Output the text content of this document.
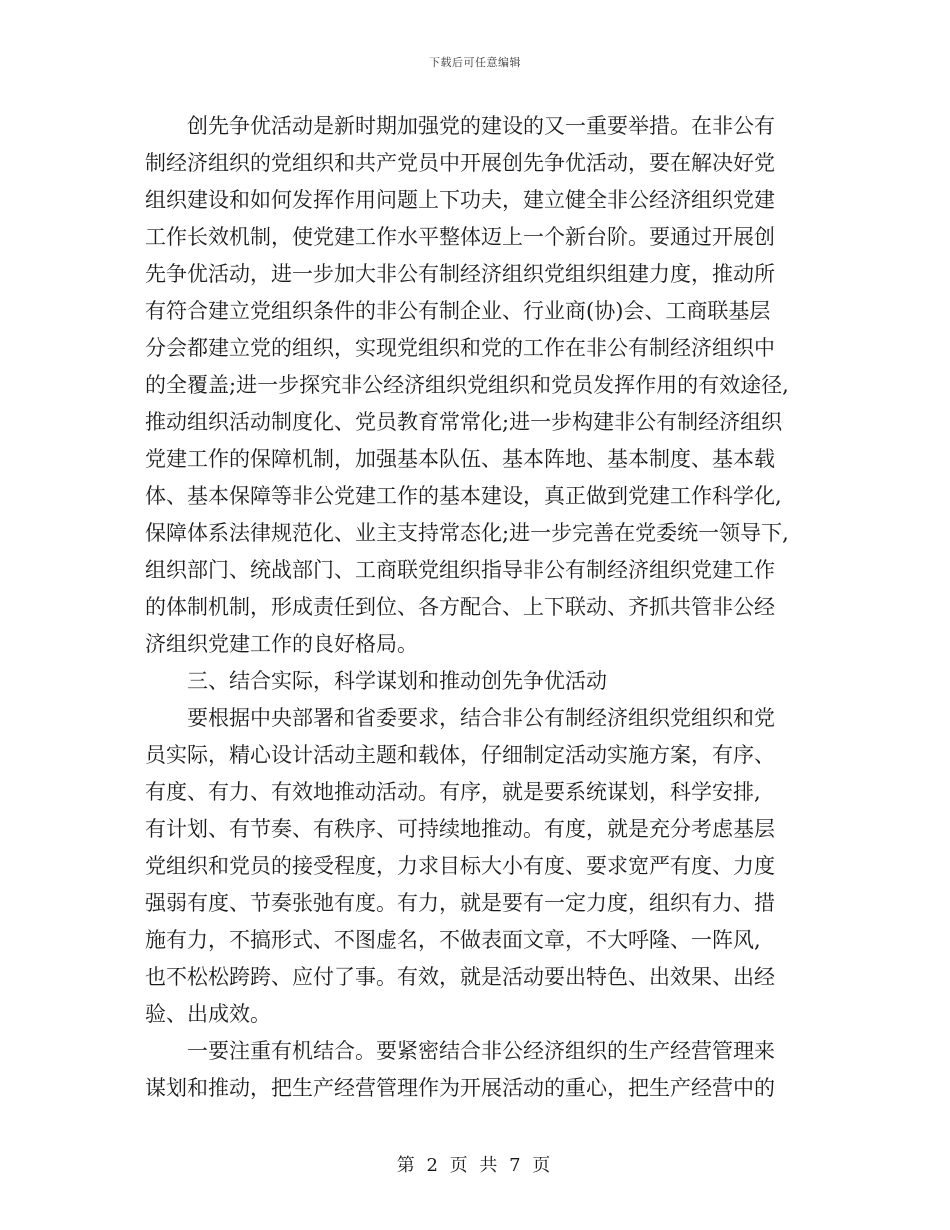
下载后可任意编辑
创先争优活动是新时期加强党的建设的又一重要举措。在非公有
制经济组织的党组织和共产党员中开展创先争优活动，要在解决好党
组织建设和如何发挥作用问题上下功夫，建立健全非公经济组织党建
工作长效机制，使党建工作水平整体迈上一个新台阶。要通过开展创
先争优活动，进一步加大非公有制经济组织党组织组建力度，推动所
有符合建立党组织条件的非公有制企业、行业商(协)会、工商联基层
分会都建立党的组织，实现党组织和党的工作在非公有制经济组织中
的全覆盖;进一步探究非公经济组织党组织和党员发挥作用的有效途径,
推动组织活动制度化、党员教育常常化;进一步构建非公有制经济组织
党建工作的保障机制，加强基本队伍、基本阵地、基本制度、基本载
体、基本保障等非公党建工作的基本建设，真正做到党建工作科学化,
保障体系法律规范化、业主支持常态化;进一步完善在党委统一领导下,
组织部门、统战部门、工商联党组织指导非公有制经济组织党建工作
的体制机制，形成责任到位、各方配合、上下联动、齐抓共管非公经
济组织党建工作的良好格局。
三、结合实际，科学谋划和推动创先争优活动
要根据中央部署和省委要求，结合非公有制经济组织党组织和党
员实际，精心设计活动主题和载体，仔细制定活动实施方案，有序、
有度、有力、有效地推动活动。有序，就是要系统谋划，科学安排,
有计划、有节奏、有秩序、可持续地推动。有度，就是充分考虑基层
党组织和党员的接受程度，力求目标大小有度、要求宽严有度、力度
强弱有度、节奏张弛有度。有力，就是要有一定力度，组织有力、措
施有力，不搞形式、不图虚名，不做表面文章，不大呼隆、一阵风,
也不松松跨跨、应付了事。有效，就是活动要出特色、出效果、出经
验、出成效。
一要注重有机结合。要紧密结合非公经济组织的生产经营管理来
谋划和推动，把生产经营管理作为开展活动的重心，把生产经营中的
第 2 页 共 7 页
